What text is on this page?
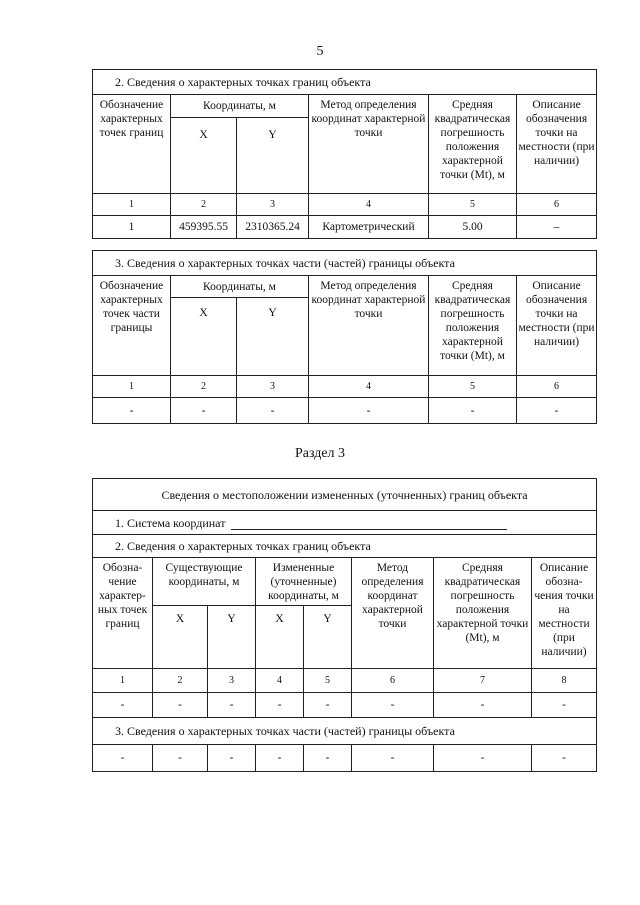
5
2. Сведения о характерных точках границ объекта					
Обозначение характерных точек границ	Координаты, м		Метод определения координат характерной точки	Средняя квадратическая погрешность положения характерной точки (Mt), м	Описание обозначения точки на местности (при наличии)
	X	Y			
1	2	3	4	5	6
1	459395.55	2310365.24	Картометрический	5.00	–
3. Сведения о характерных точках части (частей) границы объекта					
Обозначение характерных точек части границы	Координаты, м		Метод определения координат характерной точки	Средняя квадратическая погрешность положения характерной точки (Mt), м	Описание обозначения точки на местности (при наличии)
	X	Y			
1	2	3	4	5	6
-	-	-	-	-	-
Раздел 3
Сведения о местоположении измененных (уточненных) границ объекта							
1. Система координат							
2. Сведения о характерных точках границ объекта							
Обозна-чение характер-ных точек границ	Существующие координаты, м		Измененные (уточненные) координаты, м		Метод определения координат характерной точки	Средняя квадратическая погрешность положения характерной точки (Mt), м	Описание обозна-чения точки на местности (при наличии)
	X	Y	X	Y			
1	2	3	4	5	6	7	8
-	-	-	-	-	-	-	-
3. Сведения о характерных точках части (частей) границы объекта							
-	-	-	-	-	-	-	-
